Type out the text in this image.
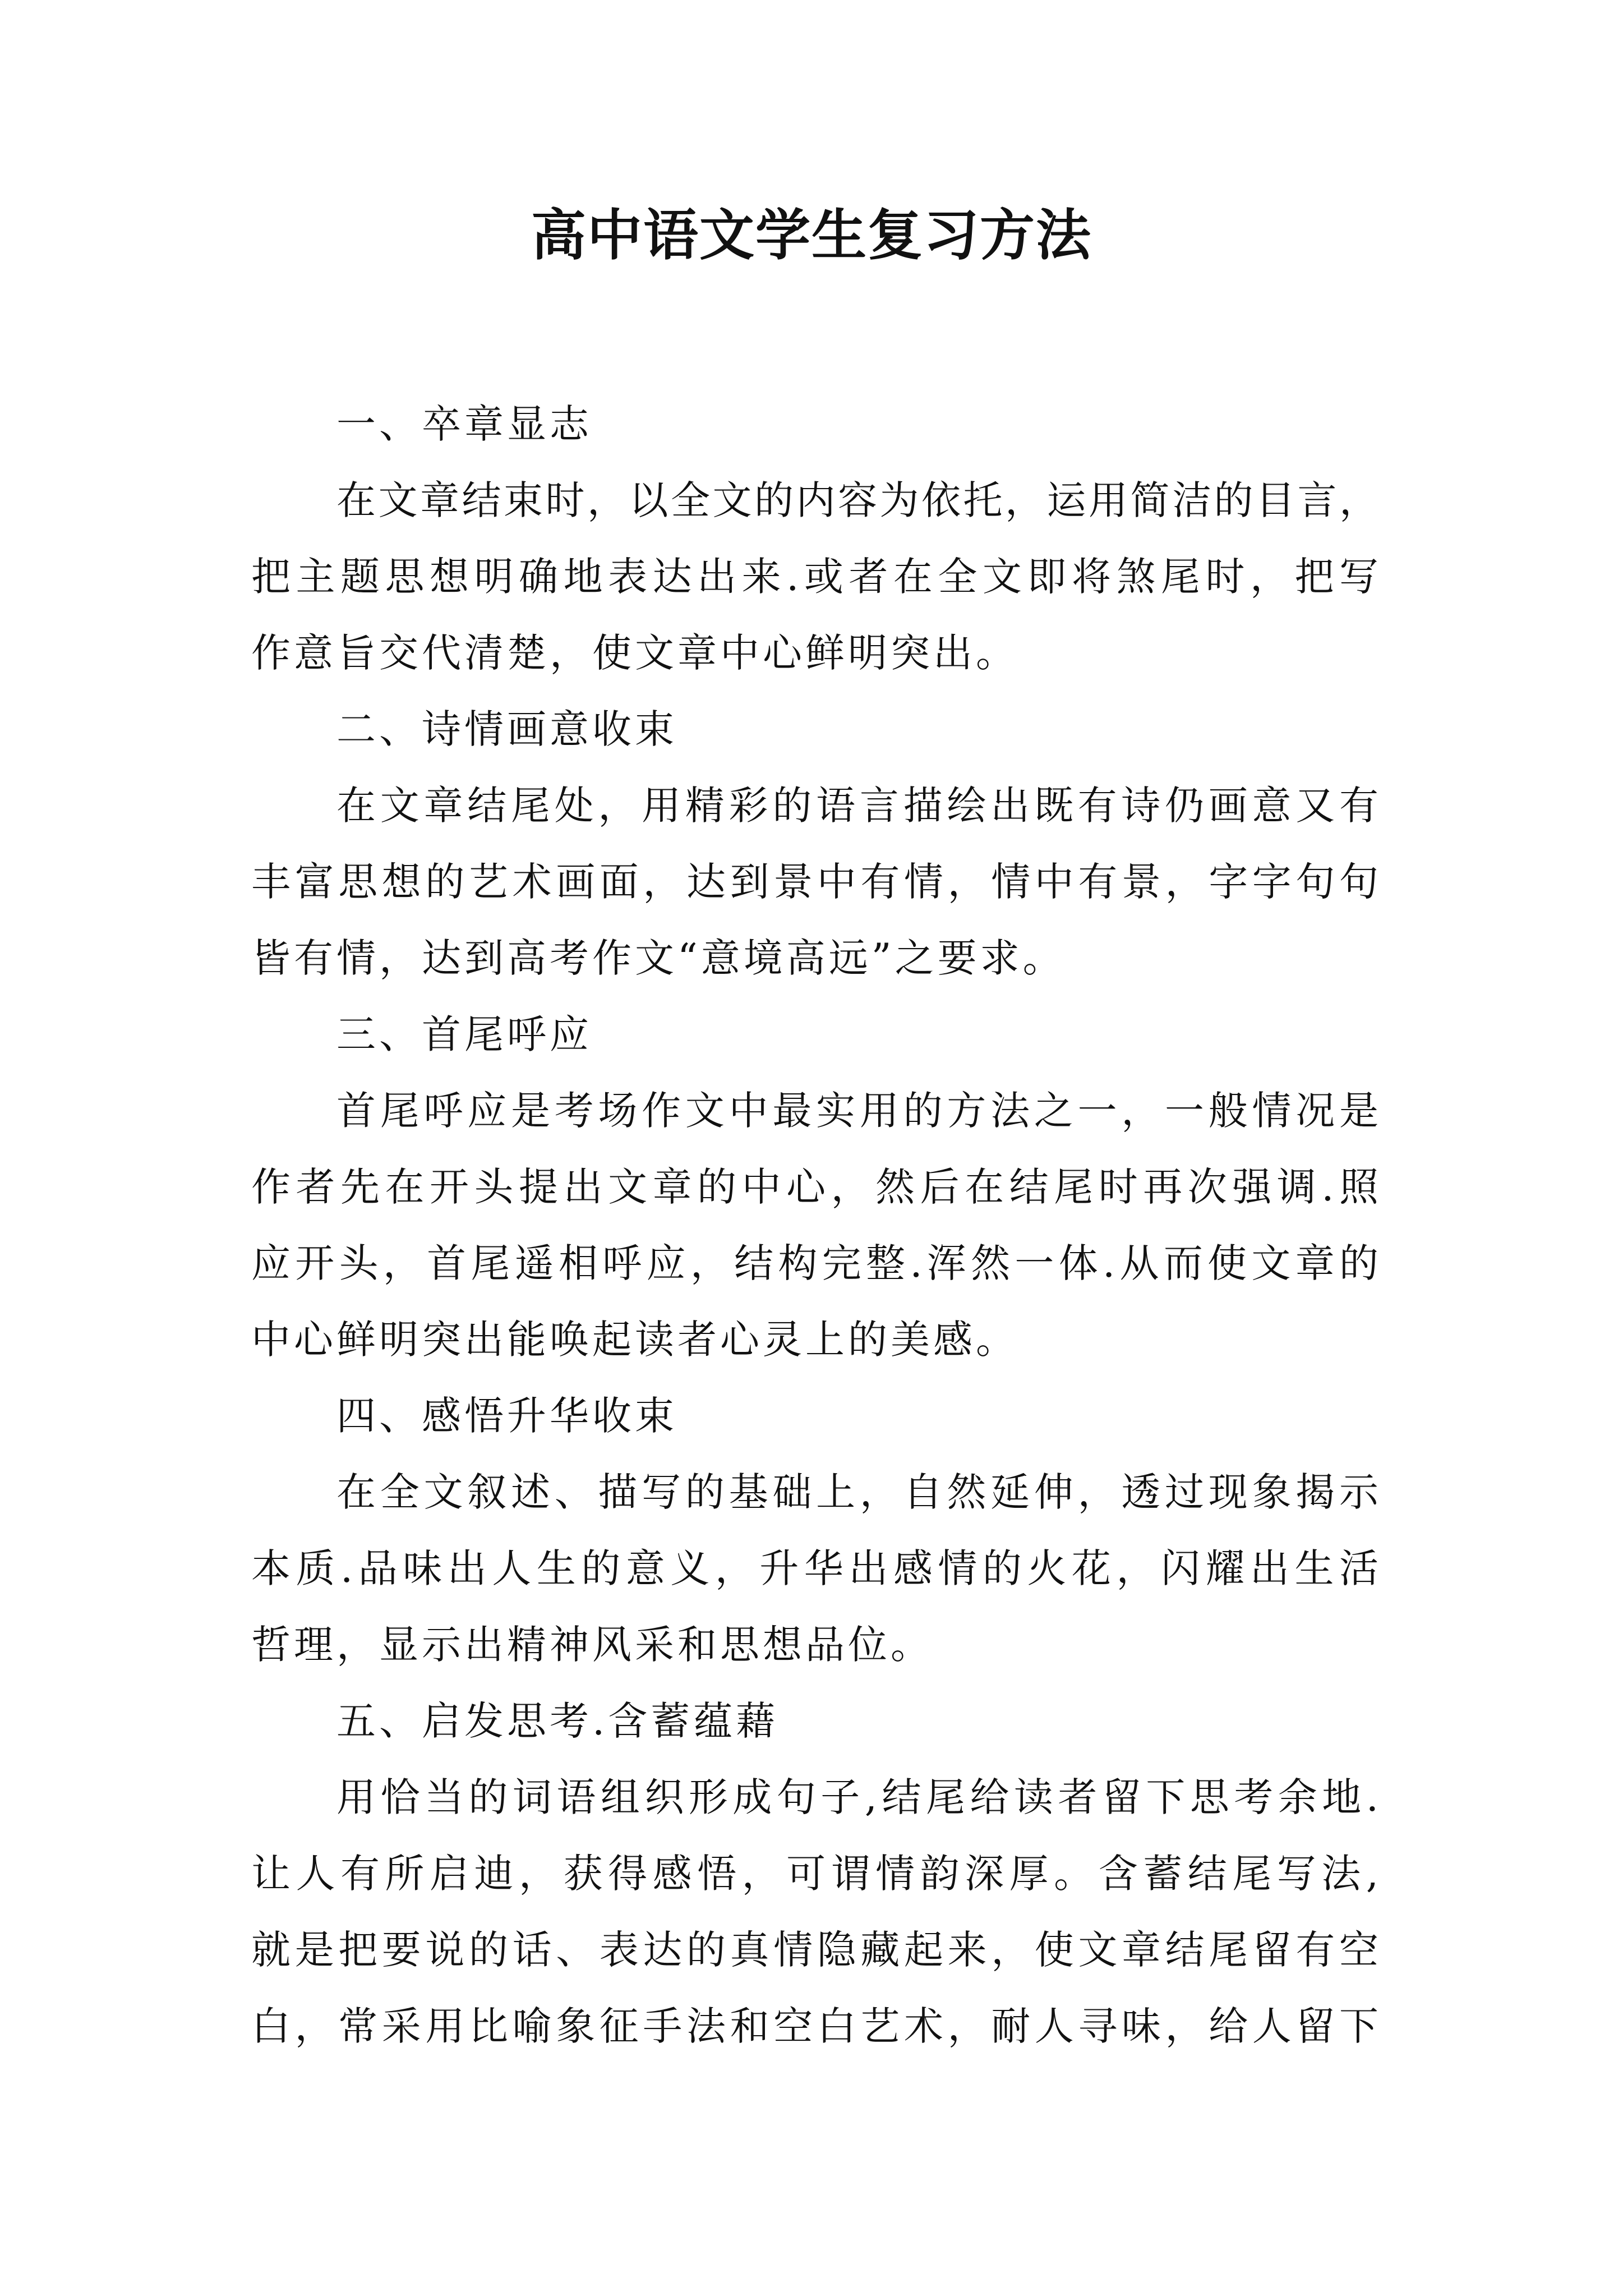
高中语文学生复习方法

一、卒章显志

在文章结束时，以全文的内容为依托，运用简洁的目言，
把主题思想明确地表达出来.或者在全文即将煞尾时，把写
作意旨交代清楚，使文章中心鲜明突出。

二、诗情画意收束

在文章结尾处，用精彩的语言描绘出既有诗仍画意又有
丰富思想的艺术画面，达到景中有情，情中有景，字字句句
皆有情，达到高考作文“意境高远”之要求。

三、首尾呼应

首尾呼应是考场作文中最实用的方法之一，一般情况是
作者先在开头提出文章的中心，然后在结尾时再次强调.照
应开头，首尾遥相呼应，结构完整.浑然一体.从而使文章的
中心鲜明突出能唤起读者心灵上的美感。

四、感悟升华收束

在全文叙述、描写的基础上，自然延伸，透过现象揭示
本质.品味出人生的意义，升华出感情的火花，闪耀出生活
哲理，显示出精神风采和思想品位。

五、启发思考.含蓄蕴藉

用恰当的词语组织形成句子,结尾给读者留下思考余地.
让人有所启迪，获得感悟，可谓情韵深厚。含蓄结尾写法,
就是把要说的话、表达的真情隐藏起来，使文章结尾留有空
白，常采用比喻象征手法和空白艺术，耐人寻味，给人留下
